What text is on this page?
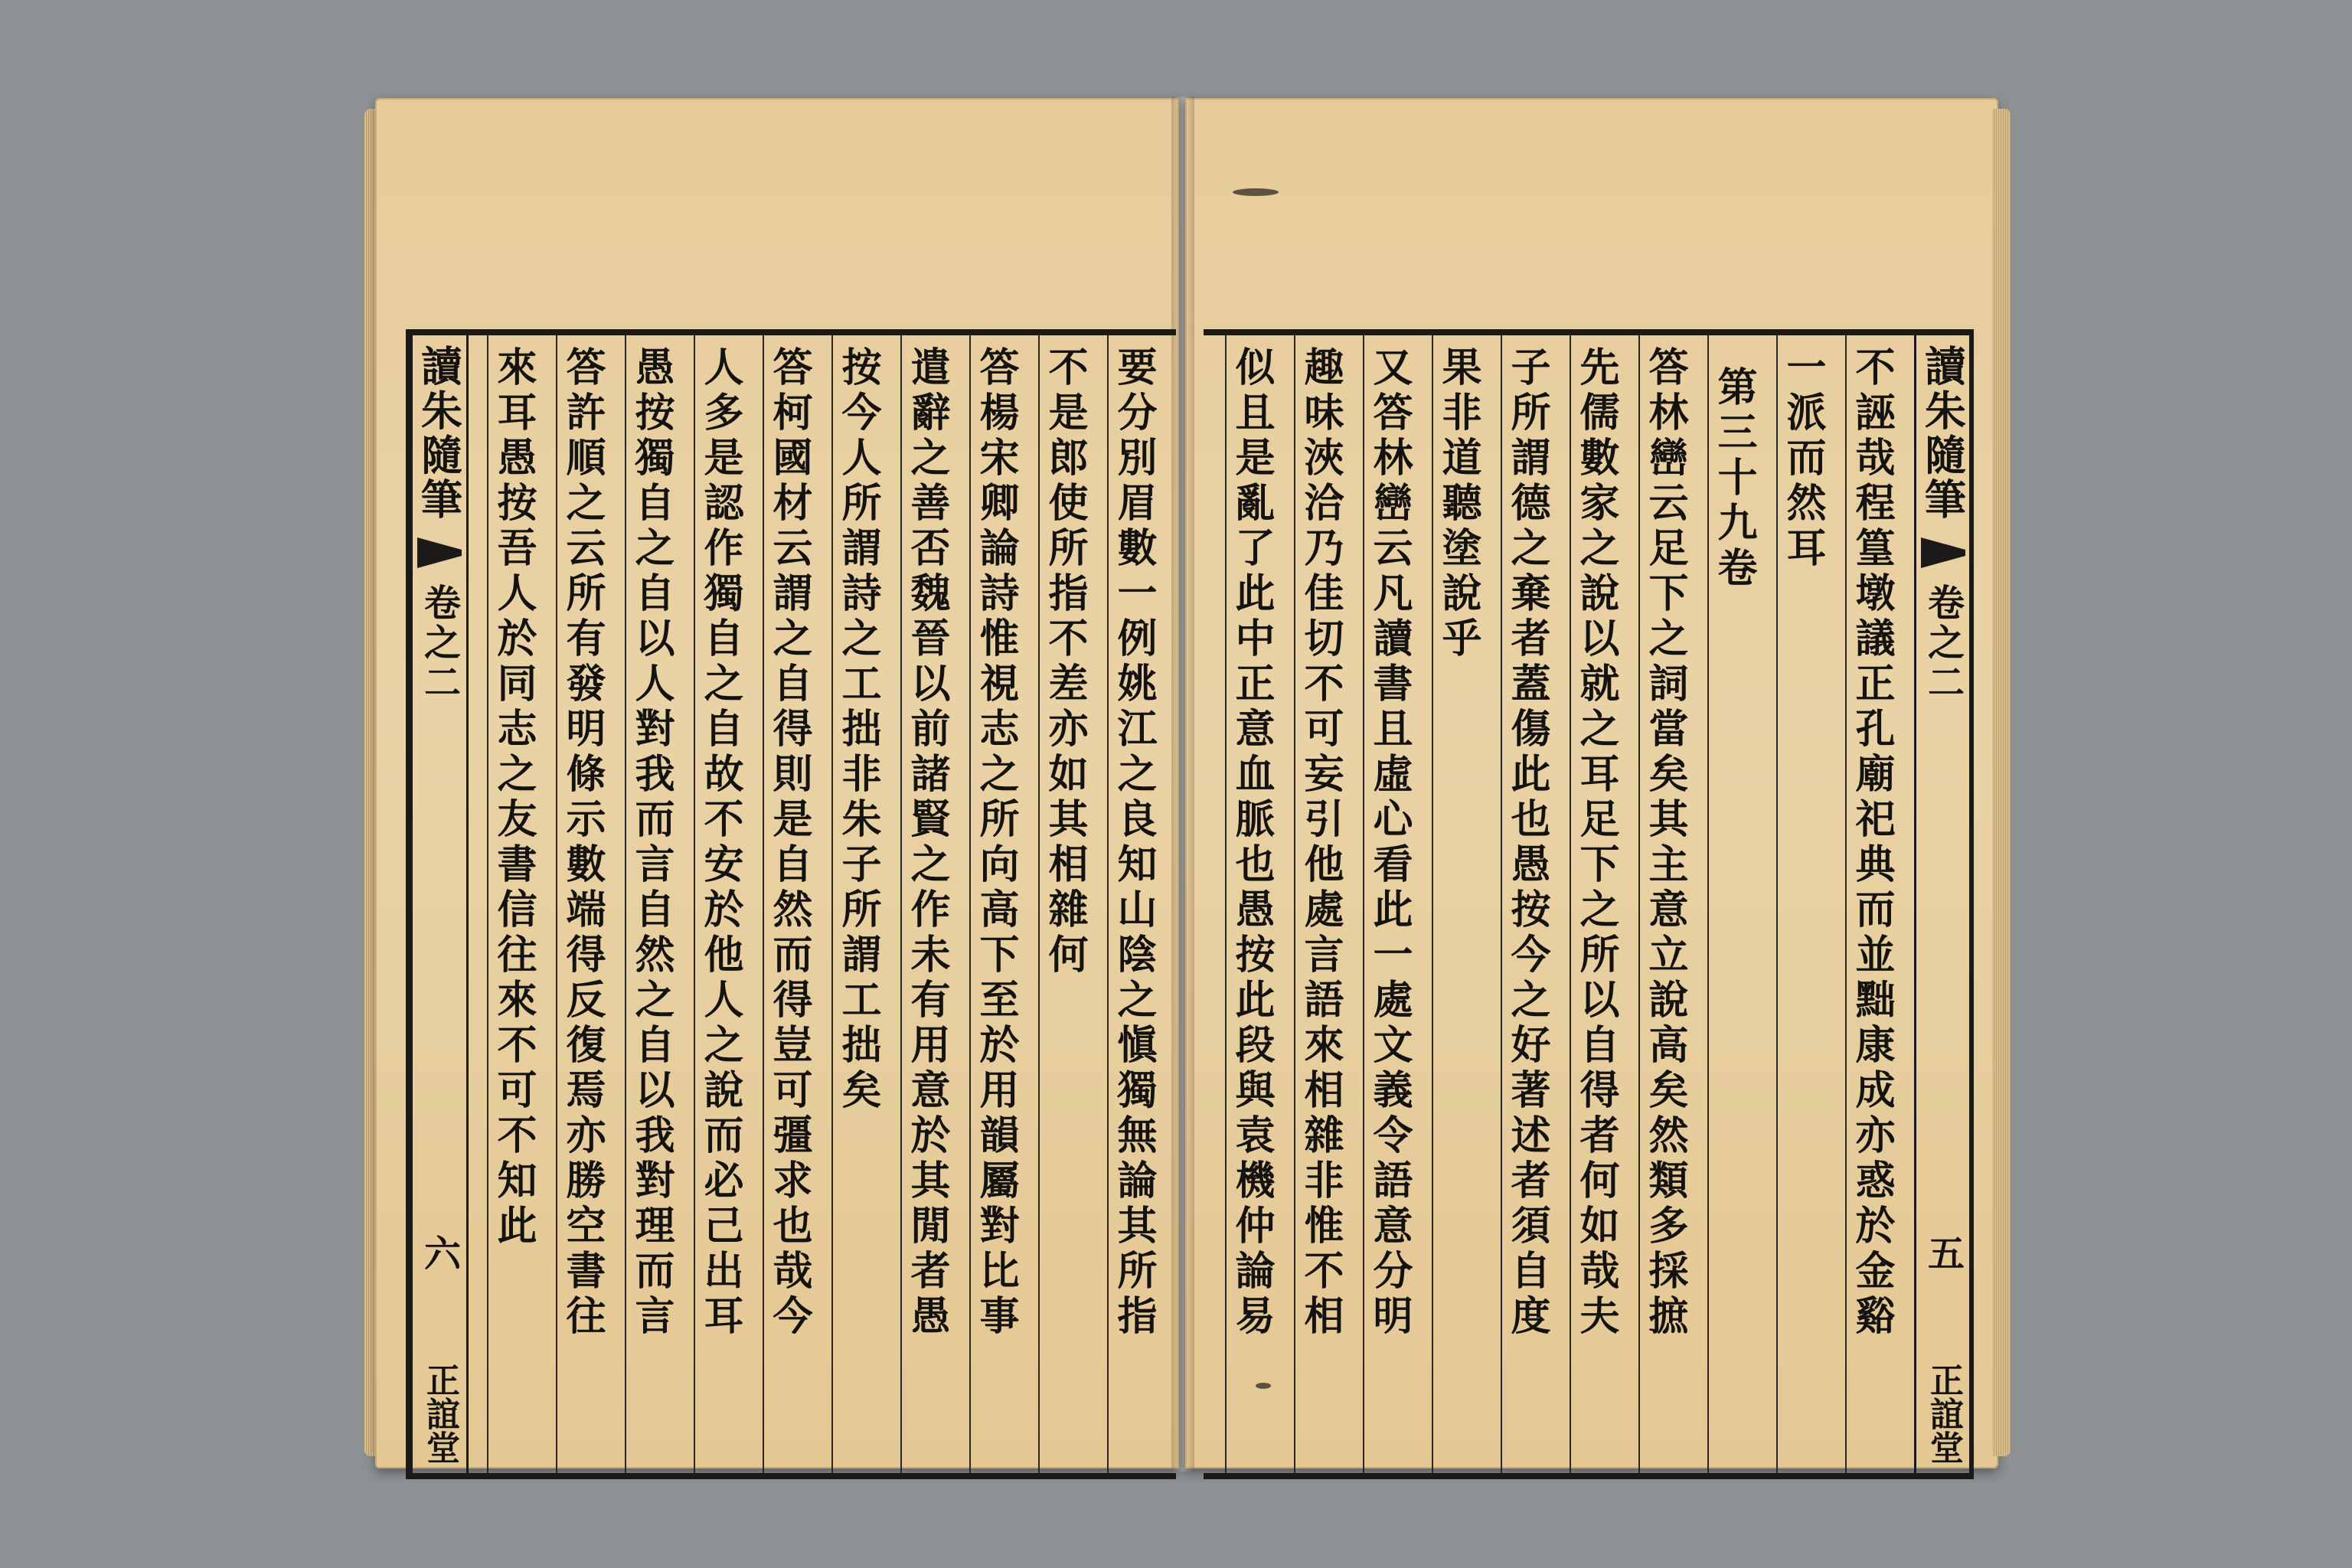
要分別眉數一例姚江之良知山陰之愼獨無論其所指
不是郎使所指不差亦如其相雜何
答楊宋卿論詩惟視志之所向高下至於用韻屬對比事
遣辭之善否魏晉以前諸賢之作未有用意於其閒者愚
按今人所謂詩之工拙非朱子所謂工拙矣
答柯國材云謂之自得則是自然而得豈可彊求也哉今
人多是認作獨自之自故不安於他人之說而必己出耳
愚按獨自之自以人對我而言自然之自以我對理而言
答許順之云所有發明條示數端得反復焉亦勝空書往
來耳愚按吾人於同志之友書信往來不可不知此
讀朱隨筆
卷之二
六
正誼堂
讀朱隨筆
卷之二
五
正誼堂
不誣哉程篁墩議正孔廟祀典而並黜康成亦惑於金谿
一派而然耳
第三十九卷
答林巒云足下之詞當矣其主意立說高矣然類多採摭
先儒數家之說以就之耳足下之所以自得者何如哉夫
子所謂德之棄者蓋傷此也愚按今之好著述者須自度
果非道聽塗說乎
又答林巒云凡讀書且虛心看此一處文義令語意分明
趣味浹洽乃佳切不可妄引他處言語來相雜非惟不相
似且是亂了此中正意血脈也愚按此段與袁機仲論易
